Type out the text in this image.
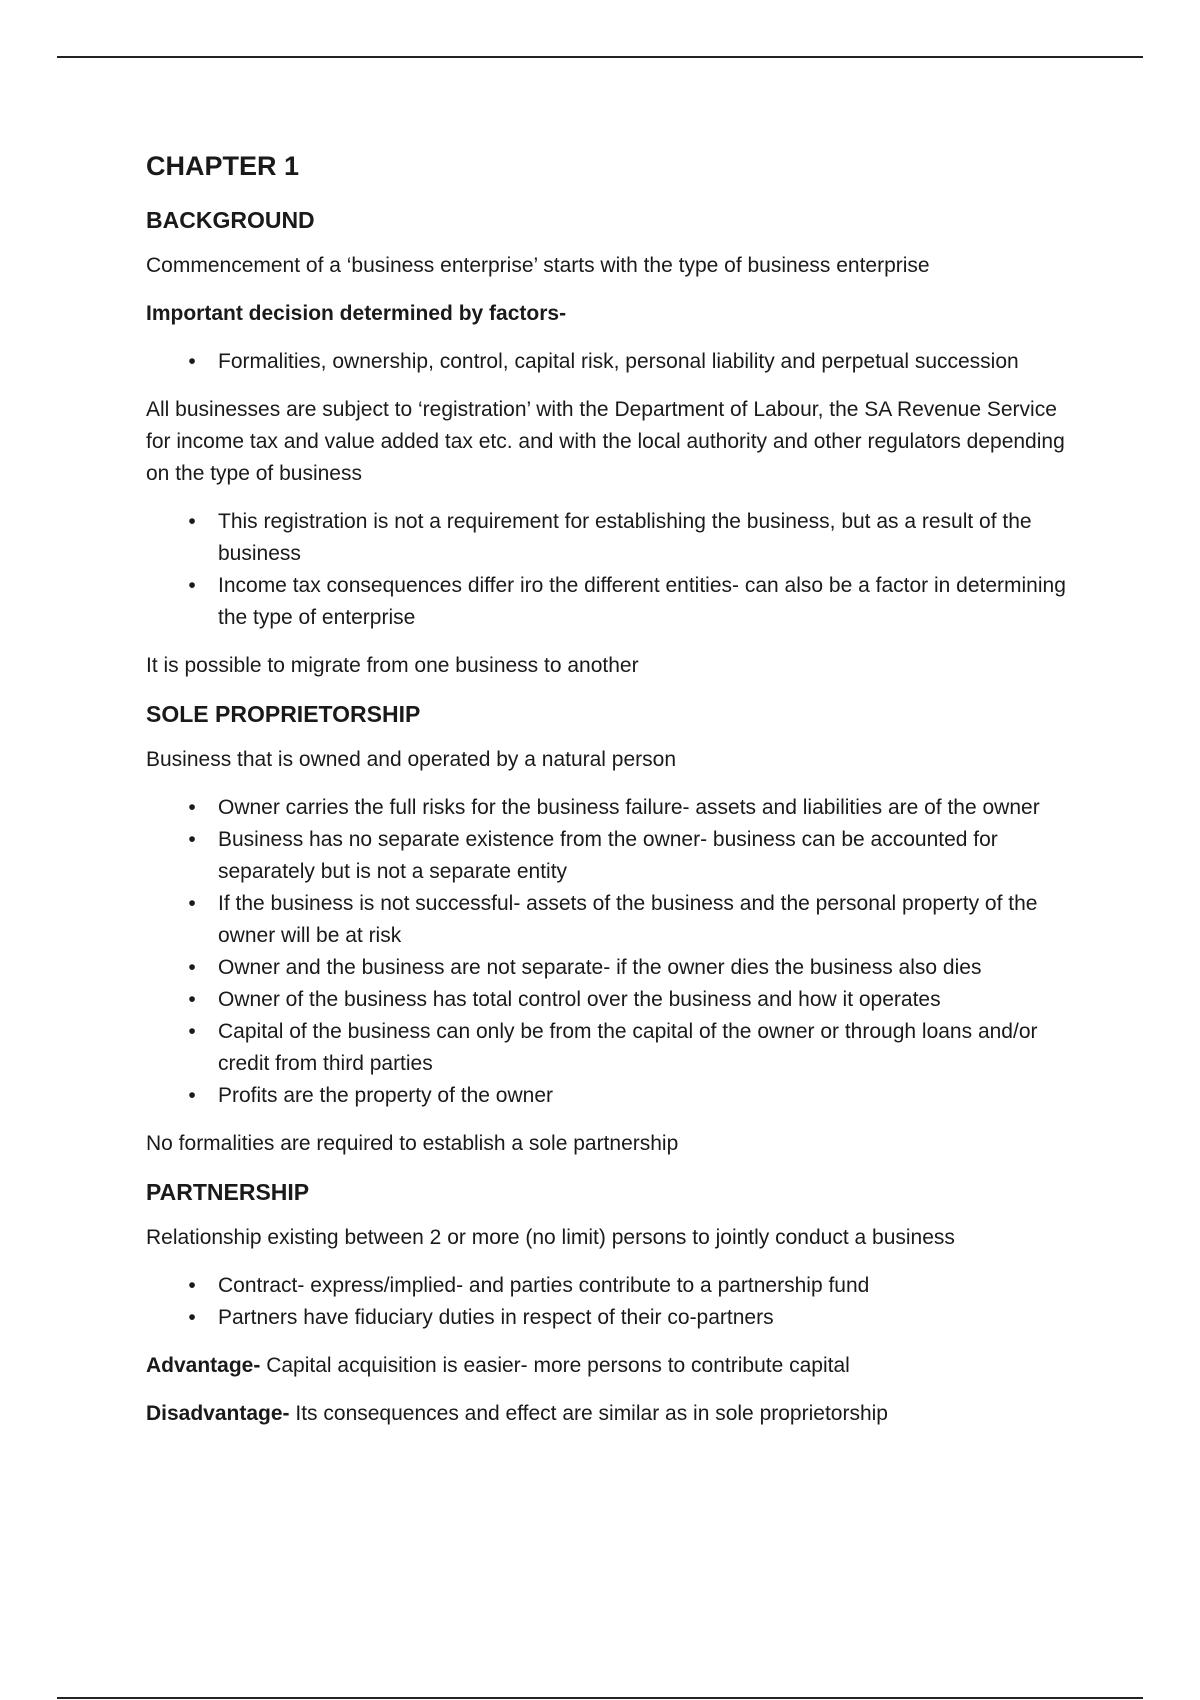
CHAPTER 1
BACKGROUND

Commencement of a ‘business enterprise’ starts with the type of business enterprise

Important decision determined by factors-

•	Formalities, ownership, control, capital risk, personal liability and perpetual succession

All businesses are subject to ‘registration’ with the Department of Labour, the SA Revenue Service for income tax and value added tax etc. and with the local authority and other regulators depending on the type of business

•	This registration is not a requirement for establishing the business, but as a result of the business
•	Income tax consequences differ iro the different entities- can also be a factor in determining the type of enterprise

It is possible to migrate from one business to another

SOLE PROPRIETORSHIP

Business that is owned and operated by a natural person

•	Owner carries the full risks for the business failure- assets and liabilities are of the owner
•	Business has no separate existence from the owner- business can be accounted for separately but is not a separate entity
•	If the business is not successful- assets of the business and the personal property of the owner will be at risk
•	Owner and the business are not separate- if the owner dies the business also dies
•	Owner of the business has total control over the business and how it operates
•	Capital of the business can only be from the capital of the owner or through loans and/or credit from third parties
•	Profits are the property of the owner

No formalities are required to establish a sole partnership

PARTNERSHIP

Relationship existing between 2 or more (no limit) persons to jointly conduct a business

•	Contract- express/implied- and parties contribute to a partnership fund
•	Partners have fiduciary duties in respect of their co-partners

Advantage- Capital acquisition is easier- more persons to contribute capital

Disadvantage- Its consequences and effect are similar as in sole proprietorship
